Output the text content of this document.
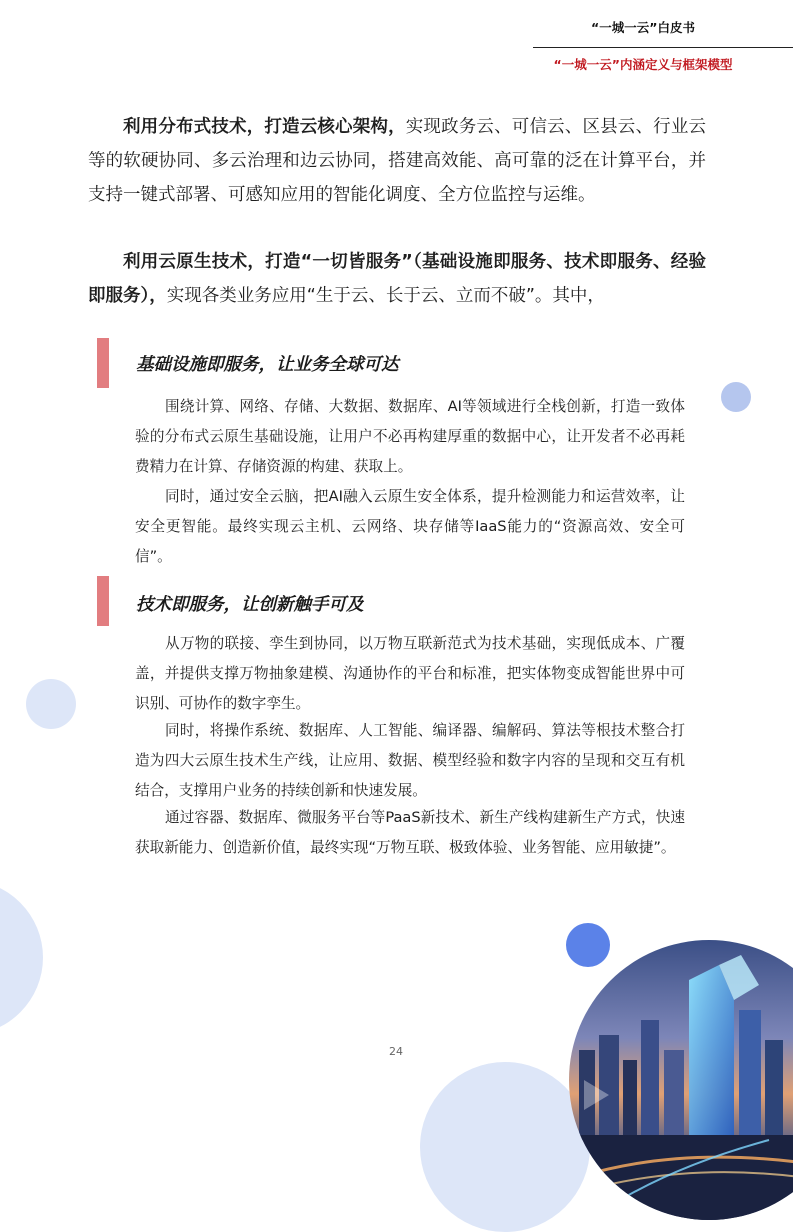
“一城一云”白皮书
“一城一云”内涵定义与框架模型

利用分布式技术，打造云核心架构，实现政务云、可信云、区县云、行业云等的软硬协同、多云治理和边云协同，搭建高效能、高可靠的泛在计算平台，并支持一键式部署、可感知应用的智能化调度、全方位监控与运维。

利用云原生技术，打造“一切皆服务”（基础设施即服务、技术即服务、经验即服务），实现各类业务应用“生于云、长于云、立而不破”。其中，

基础设施即服务，让业务全球可达

围绕计算、网络、存储、大数据、数据库、AI等领域进行全栈创新，打造一致体验的分布式云原生基础设施，让用户不必再构建厚重的数据中心，让开发者不必再耗费精力在计算、存储资源的构建、获取上。

同时，通过安全云脑，把AI融入云原生安全体系，提升检测能力和运营效率，让安全更智能。最终实现云主机、云网络、块存储等IaaS能力的“资源高效、安全可信”。

技术即服务，让创新触手可及

从万物的联接、孪生到协同，以万物互联新范式为技术基础，实现低成本、广覆盖，并提供支撑万物抽象建模、沟通协作的平台和标准，把实体物变成智能世界中可识别、可协作的数字孪生。

同时，将操作系统、数据库、人工智能、编译器、编解码、算法等根技术整合打造为四大云原生技术生产线，让应用、数据、模型经验和数字内容的呈现和交互有机结合，支撑用户业务的持续创新和快速发展。

通过容器、数据库、微服务平台等PaaS新技术、新生产线构建新生产方式，快速获取新能力、创造新价值，最终实现“万物互联、极致体验、业务智能、应用敏捷”。

24
